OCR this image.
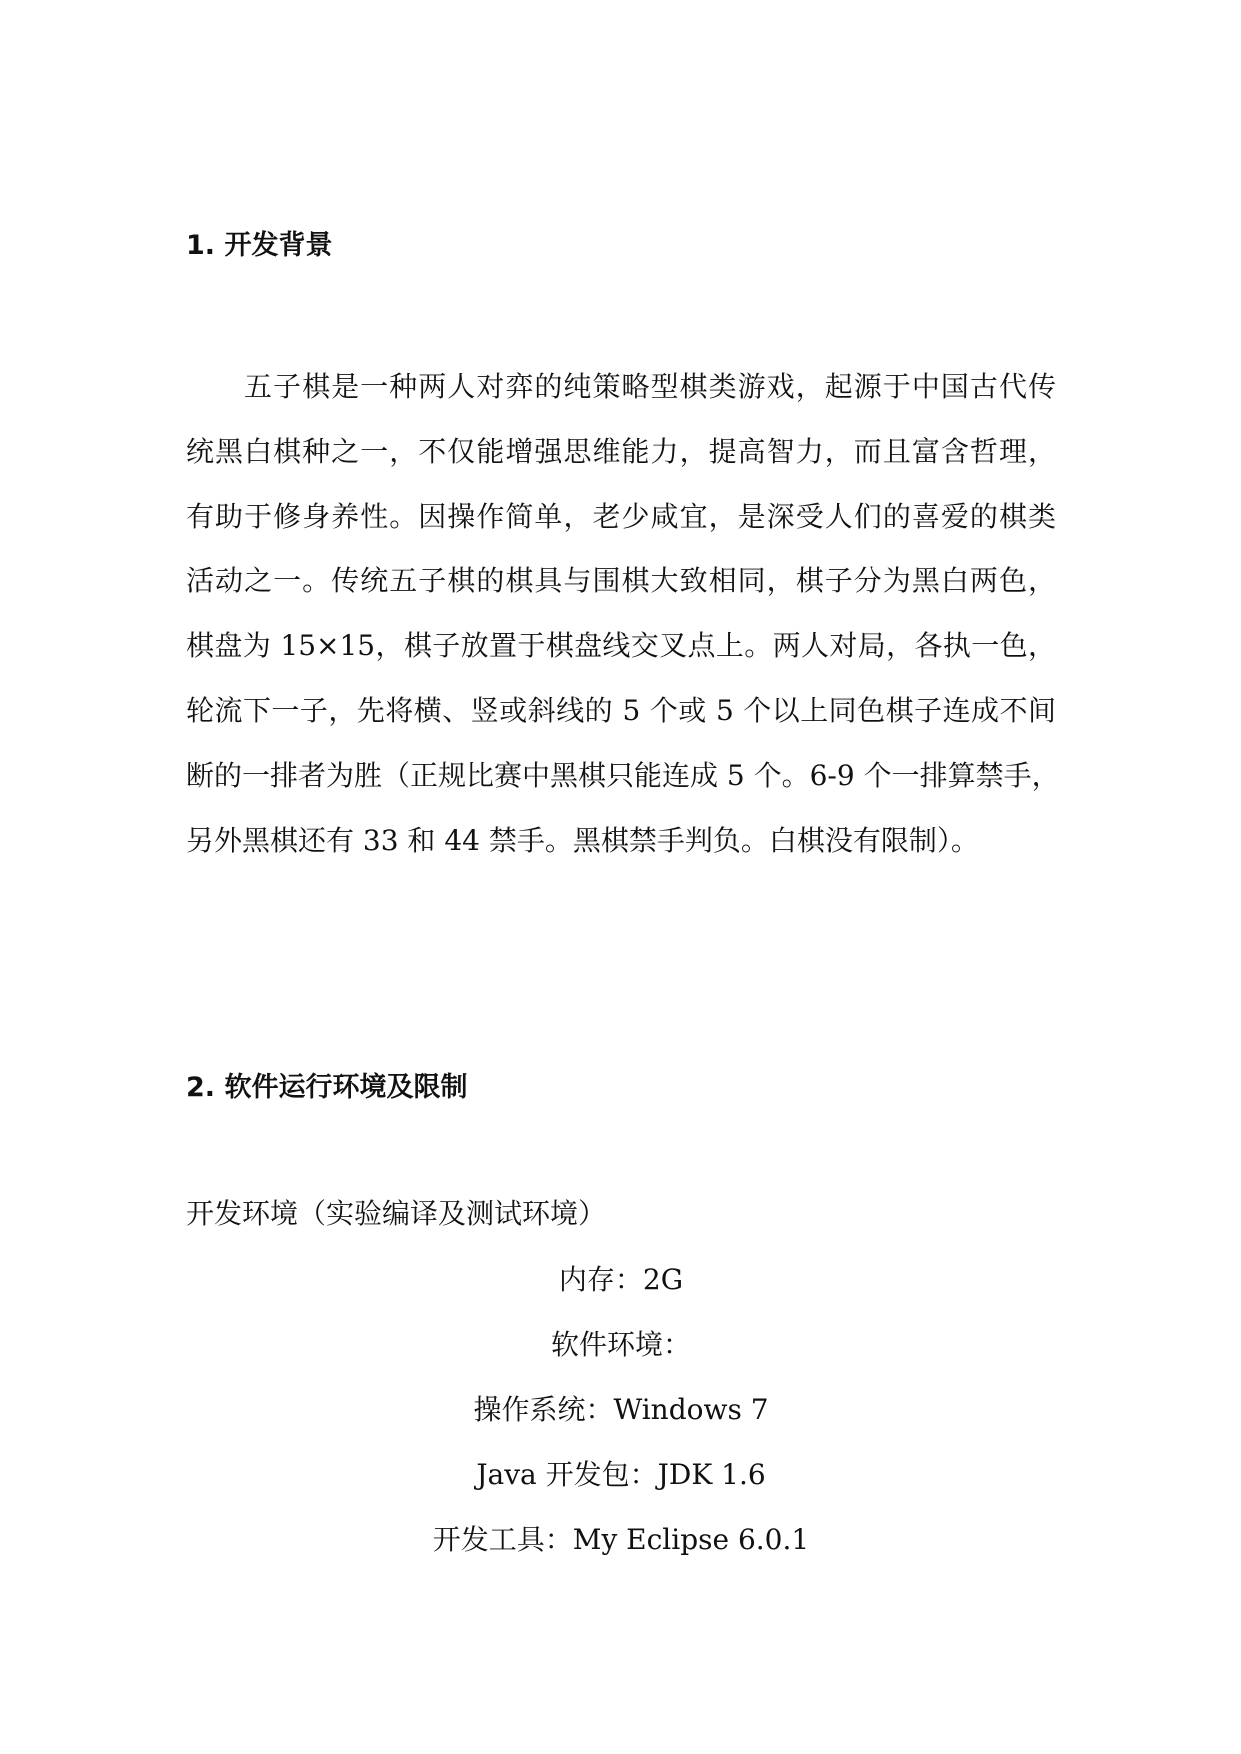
1. 开发背景

五子棋是一种两人对弈的纯策略型棋类游戏，起源于中国古代传
统黑白棋种之一，不仅能增强思维能力，提高智力，而且富含哲理，
有助于修身养性。因操作简单，老少咸宜，是深受人们的喜爱的棋类
活动之一。传统五子棋的棋具与围棋大致相同，棋子分为黑白两色，
棋盘为 15×15，棋子放置于棋盘线交叉点上。两人对局，各执一色，
轮流下一子，先将横、竖或斜线的 5 个或 5 个以上同色棋子连成不间
断的一排者为胜（正规比赛中黑棋只能连成 5 个。6-9 个一排算禁手，
另外黑棋还有 33 和 44 禁手。黑棋禁手判负。白棋没有限制）。

2. 软件运行环境及限制

开发环境（实验编译及测试环境）

内存：2G
软件环境：
操作系统：Windows 7
Java 开发包：JDK 1.6
开发工具：My Eclipse 6.0.1
